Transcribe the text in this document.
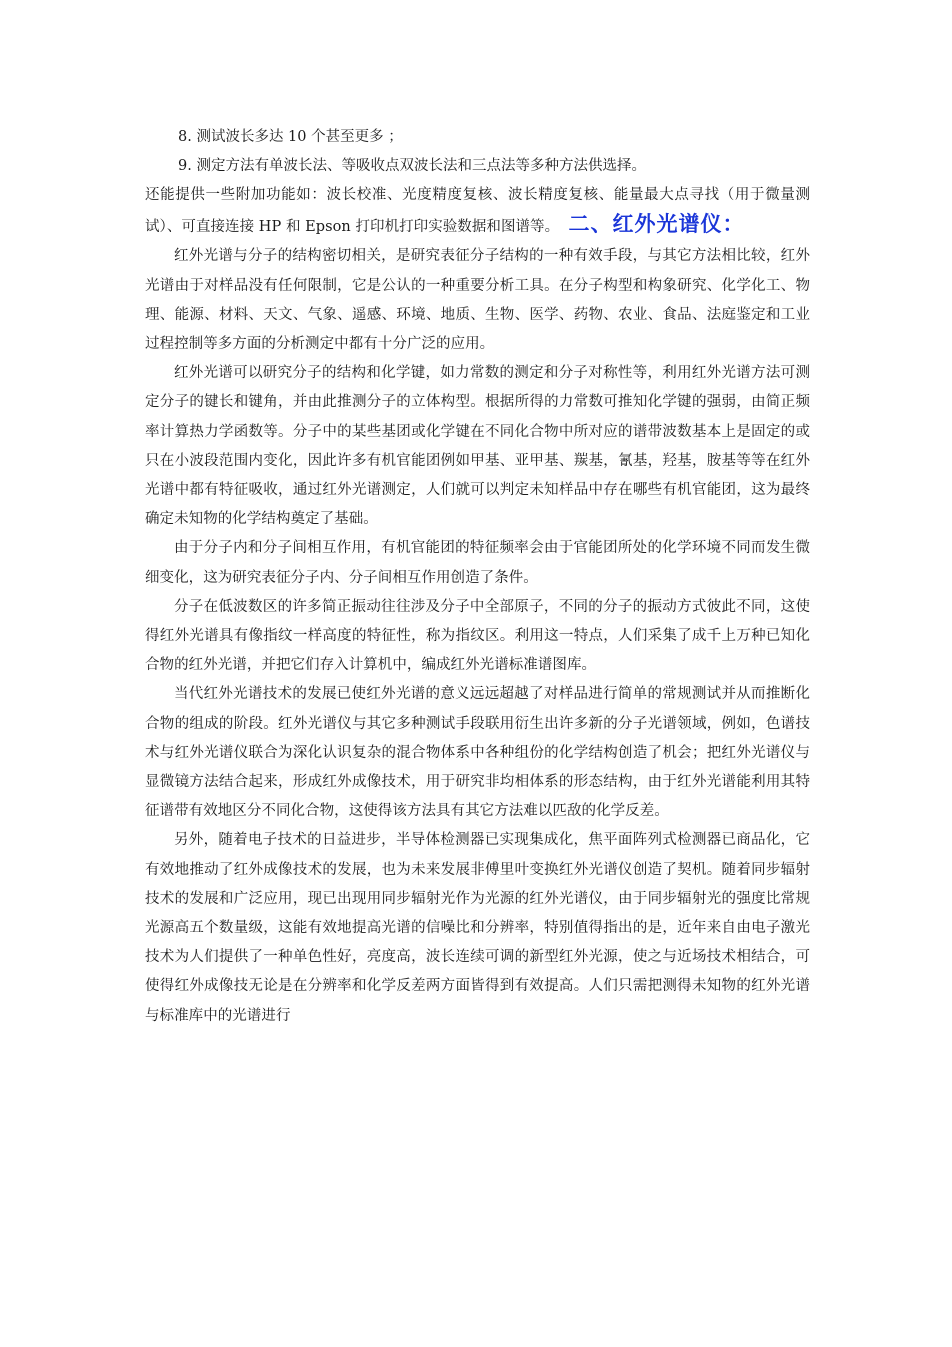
8. 测试波长多达 10 个甚至更多 ；
9. 测定方法有单波长法、等吸收点双波长法和三点法等多种方法供选择。

还能提供一些附加功能如：波长校准、光度精度复核、波长精度复核、能量最大点寻找（用于微量测试）、可直接连接 HP 和 Epson 打印机打印实验数据和图谱等。 二、红外光谱仪：

红外光谱与分子的结构密切相关，是研究表征分子结构的一种有效手段，与其它方法相比较，红外光谱由于对样品没有任何限制，它是公认的一种重要分析工具。在分子构型和构象研究、化学化工、物理、能源、材料、天文、气象、遥感、环境、地质、生物、医学、药物、农业、食品、法庭鉴定和工业过程控制等多方面的分析测定中都有十分广泛的应用。

红外光谱可以研究分子的结构和化学键，如力常数的测定和分子对称性等，利用红外光谱方法可测定分子的键长和键角，并由此推测分子的立体构型。根据所得的力常数可推知化学键的强弱，由简正频率计算热力学函数等。分子中的某些基团或化学键在不同化合物中所对应的谱带波数基本上是固定的或只在小波段范围内变化，因此许多有机官能团例如甲基、亚甲基、羰基，氰基，羟基，胺基等等在红外光谱中都有特征吸收，通过红外光谱测定，人们就可以判定未知样品中存在哪些有机官能团，这为最终确定未知物的化学结构奠定了基础。

由于分子内和分子间相互作用，有机官能团的特征频率会由于官能团所处的化学环境不同而发生微细变化，这为研究表征分子内、分子间相互作用创造了条件。

分子在低波数区的许多简正振动往往涉及分子中全部原子，不同的分子的振动方式彼此不同，这使得红外光谱具有像指纹一样高度的特征性，称为指纹区。利用这一特点，人们采集了成千上万种已知化合物的红外光谱，并把它们存入计算机中，编成红外光谱标准谱图库。

当代红外光谱技术的发展已使红外光谱的意义远远超越了对样品进行简单的常规测试并从而推断化合物的组成的阶段。红外光谱仪与其它多种测试手段联用衍生出许多新的分子光谱领域，例如，色谱技术与红外光谱仪联合为深化认识复杂的混合物体系中各种组份的化学结构创造了机会；把红外光谱仪与显微镜方法结合起来，形成红外成像技术，用于研究非均相体系的形态结构，由于红外光谱能利用其特征谱带有效地区分不同化合物，这使得该方法具有其它方法难以匹敌的化学反差。

另外，随着电子技术的日益进步，半导体检测器已实现集成化，焦平面阵列式检测器已商品化，它有效地推动了红外成像技术的发展，也为未来发展非傅里叶变换红外光谱仪创造了契机。随着同步辐射技术的发展和广泛应用，现已出现用同步辐射光作为光源的红外光谱仪，由于同步辐射光的强度比常规光源高五个数量级，这能有效地提高光谱的信噪比和分辨率，特别值得指出的是，近年来自由电子激光技术为人们提供了一种单色性好，亮度高，波长连续可调的新型红外光源，使之与近场技术相结合，可使得红外成像技无论是在分辨率和化学反差两方面皆得到有效提高。人们只需把测得未知物的红外光谱与标准库中的光谱进行
